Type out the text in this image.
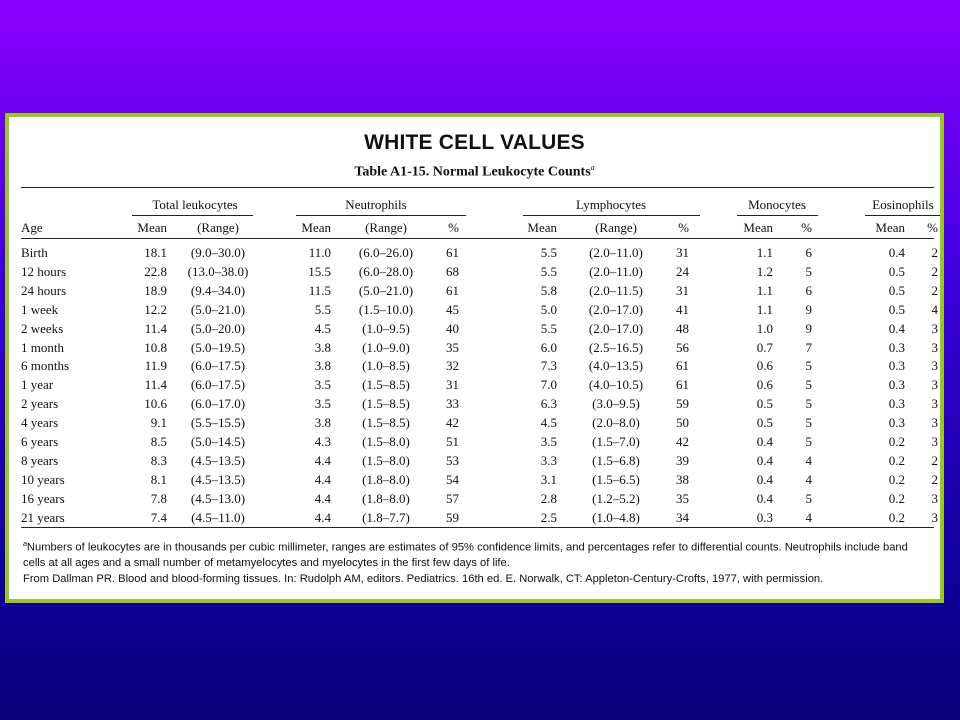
WHITE CELL VALUES
Table A1-15. Normal Leukocyte Counts$^a$
Total leukocytes	Neutrophils	Lymphocytes	Monocytes	Eosinophils
Age	Mean (Range)	Mean	(Range)	%	Mean	(Range)	%	Mean %	Mean %
Birth	18.1 (9.0–30.0)	11.0 (6.0–26.0)	61	5.5 (2.0–11.0)	31	1.1	6	0.4 2
12 hours	22.8 (13.0–38.0)	15.5 (6.0–28.0)	68	5.5 (2.0–11.0)	24	1.2	5	0.5 2
24 hours	18.9 (9.4–34.0)	11.5 (5.0–21.0)	61	5.8 (2.0–11.5)	31	1.1	6	0.5 2
1 week	12.2 (5.0–21.0)	5.5 (1.5–10.0)	45	5.0 (2.0–17.0)	41	1.1	9	0.5 4
2 weeks	11.4 (5.0–20.0)	4.5 (1.0–9.5)	40	5.5 (2.0–17.0)	48	1.0	9	0.4 3
1 month	10.8 (5.0–19.5)	3.8 (1.0–9.0)	35	6.0 (2.5–16.5)	56	0.7	7	0.3 3
6 months	11.9 (6.0–17.5)	3.8 (1.0–8.5)	32	7.3 (4.0–13.5)	61	0.6	5	0.3 3
1 year	11.4 (6.0–17.5)	3.5 (1.5–8.5)	31	7.0 (4.0–10.5)	61	0.6	5	0.3 3
2 years	10.6 (6.0–17.0)	3.5 (1.5–8.5)	33	6.3	(3.0–9.5)	59	0.5	5	0.3 3
4 years	9.1 (5.5–15.5)	3.8 (1.5–8.5)	42	4.5	(2.0–8.0)	50	0.5	5	0.3 3
6 years	8.5 (5.0–14.5)	4.3 (1.5–8.0)	51	3.5	(1.5–7.0)	42	0.4	5	0.2 3
8 years	8.3 (4.5–13.5)	4.4 (1.5–8.0)	53	3.3	(1.5–6.8)	39	0.4	4	0.2 2
10 years	8.1 (4.5–13.5)	4.4 (1.8–8.0)	54	3.1	(1.5–6.5)	38	0.4	4	0.2 2
16 years	7.8 (4.5–13.0)	4.4 (1.8–8.0)	57	2.8	(1.2–5.2)	35	0.4	5	0.2 3
21 years	7.4 (4.5–11.0)	4.4 (1.8–7.7)	59	2.5	(1.0–4.8)	34	0.3	4	0.2 3
$^a$Numbers of leukocytes are in thousands per cubic millimeter, ranges are estimates of 95% confidence limits, and percentages refer to differential counts. Neutrophils include band cells at all ages and a small number of metamyelocytes and myelocytes in the first few days of life.
From Dallman PR. Blood and blood-forming tissues. In: Rudolph AM, editors. Pediatrics. 16th ed. E. Norwalk, CT: Appleton-Century-Crofts, 1977, with permission.
